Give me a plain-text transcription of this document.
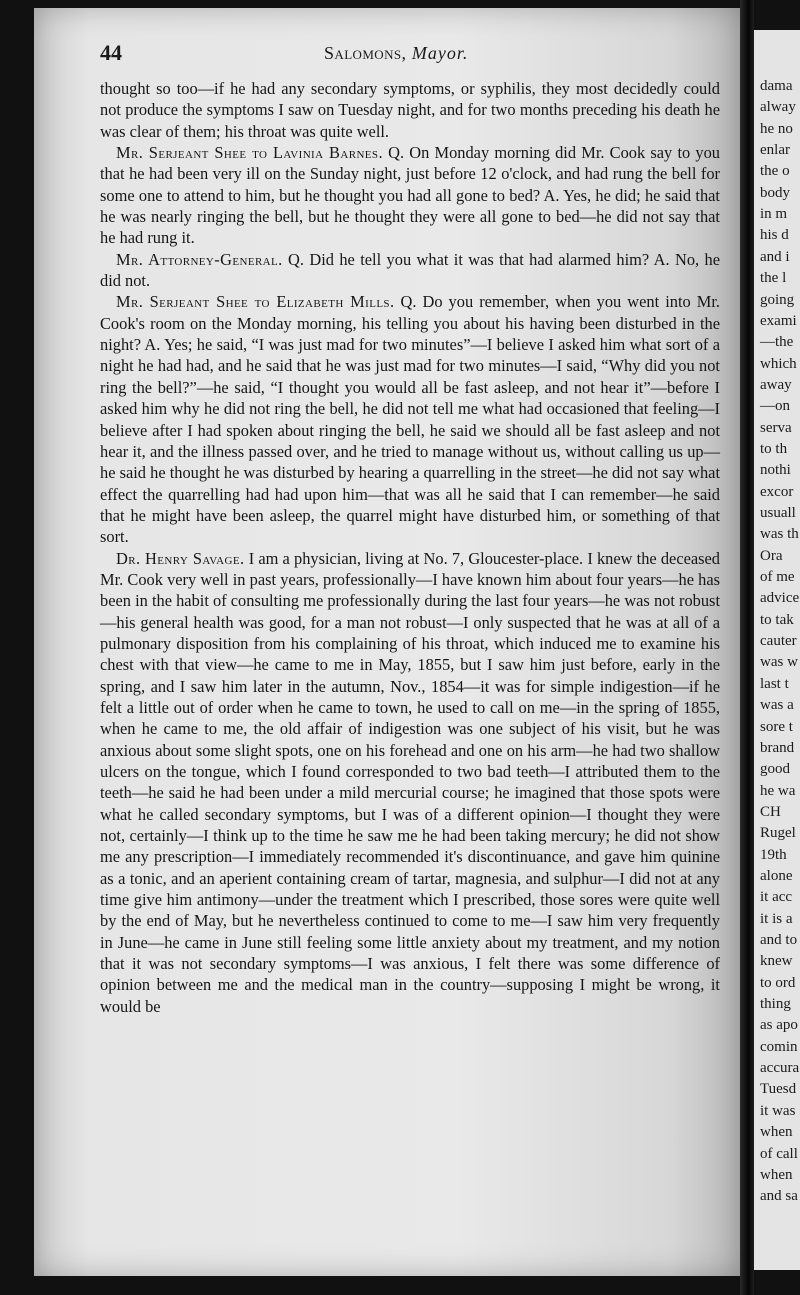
44	Salomons, Mayor.

thought so too—if he had any secondary symptoms, or syphilis, they most decidedly could not produce the symptoms I saw on Tuesday night, and for two months preceding his death he was clear of them; his throat was quite well.

Mr. Serjeant Shee to Lavinia Barnes. Q. On Monday morning did Mr. Cook say to you that he had been very ill on the Sunday night, just before 12 o'clock, and had rung the bell for some one to attend to him, but he thought you had all gone to bed? A. Yes, he did; he said that he was nearly ringing the bell, but he thought they were all gone to bed—he did not say that he had rung it.

Mr. Attorney-General. Q. Did he tell you what it was that had alarmed him? A. No, he did not.

Mr. Serjeant Shee to Elizabeth Mills. Q. Do you remember, when you went into Mr. Cook's room on the Monday morning, his telling you about his having been disturbed in the night? A. Yes; he said, “I was just mad for two minutes”—I believe I asked him what sort of a night he had had, and he said that he was just mad for two minutes—I said, “Why did you not ring the bell?”—he said, “I thought you would all be fast asleep, and not hear it”—before I asked him why he did not ring the bell, he did not tell me what had occasioned that feeling—I believe after I had spoken about ringing the bell, he said we should all be fast asleep and not hear it, and the illness passed over, and he tried to manage without us, without calling us up—he said he thought he was disturbed by hearing a quarrelling in the street—he did not say what effect the quarrelling had had upon him—that was all he said that I can remember—he said that he might have been asleep, the quarrel might have disturbed him, or something of that sort.

Dr. Henry Savage. I am a physician, living at No. 7, Gloucester-place. I knew the deceased Mr. Cook very well in past years, professionally—I have known him about four years—he has been in the habit of consulting me professionally during the last four years—he was not robust—his general health was good, for a man not robust—I only suspected that he was at all of a pulmonary disposition from his complaining of his throat, which induced me to examine his chest with that view—he came to me in May, 1855, but I saw him just before, early in the spring, and I saw him later in the autumn, Nov., 1854—it was for simple indigestion—if he felt a little out of order when he came to town, he used to call on me—in the spring of 1855, when he came to me, the old affair of indigestion was one subject of his visit, but he was anxious about some slight spots, one on his forehead and one on his arm—he had two shallow ulcers on the tongue, which I found corresponded to two bad teeth—I attributed them to the teeth—he said he had been under a mild mercurial course; he imagined that those spots were what he called secondary symptoms, but I was of a different opinion—I thought they were not, certainly—I think up to the time he saw me he had been taking mercury; he did not show me any prescription—I immediately recommended it's discontinuance, and gave him quinine as a tonic, and an aperient containing cream of tartar, magnesia, and sulphur—I did not at any time give him antimony—under the treatment which I prescribed, those sores were quite well by the end of May, but he nevertheless continued to come to me—I saw him very frequently in June—he came in June still feeling some little anxiety about my treatment, and my notion that it was not secondary symptoms—I was anxious, I felt there was some difference of opinion between me and the medical man in the country—supposing I might be wrong, it would be

dama
alway
he no
enlar
the o
body
in m
his d
and i
the l
going
exami
—the
which
away
—on
serva
to th
nothi
excor
usuall
was th
Ora
of me
advice
to tak
cauter
was w
last t
was a
sore t
brand
good
he wa
CH
Rugel
19th
alone
it acc
it is a
and to
knew
to ord
thing
as apo
comin
accura
Tuesd
it was
when
of call
when
and sa
